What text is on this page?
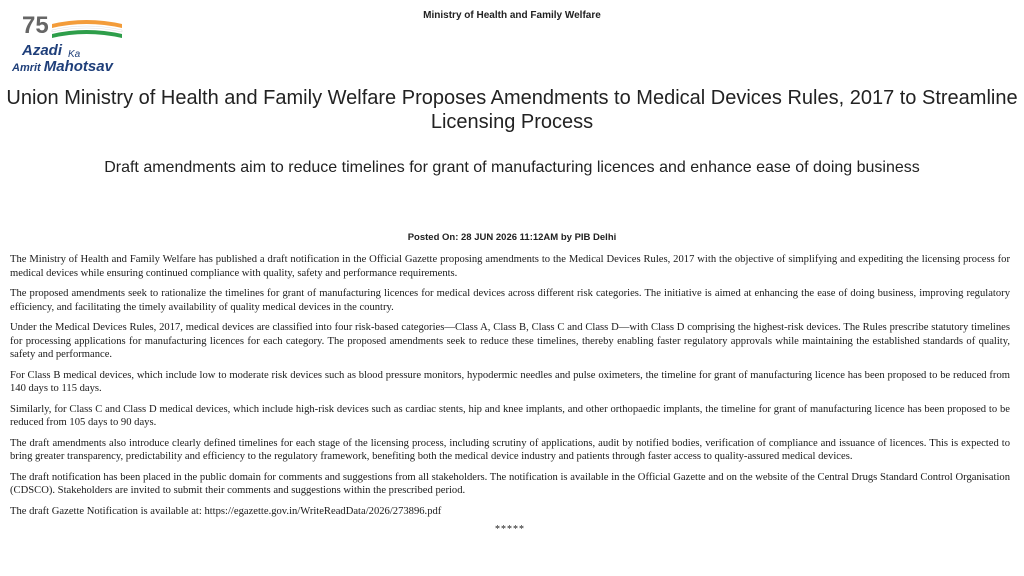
Ministry of Health and Family Welfare
75
Azadi Ka
Amrit Mahotsav
Union Ministry of Health and Family Welfare Proposes Amendments to Medical Devices Rules, 2017 to Streamline Licensing Process
Draft amendments aim to reduce timelines for grant of manufacturing licences and enhance ease of doing business
Posted On: 28 JUN 2026 11:12AM by PIB Delhi

The Ministry of Health and Family Welfare has published a draft notification in the Official Gazette proposing amendments to the Medical Devices Rules, 2017 with the objective of simplifying and expediting the licensing process for medical devices while ensuring continued compliance with quality, safety and performance requirements.

The proposed amendments seek to rationalize the timelines for grant of manufacturing licences for medical devices across different risk categories. The initiative is aimed at enhancing the ease of doing business, improving regulatory efficiency, and facilitating the timely availability of quality medical devices in the country.

Under the Medical Devices Rules, 2017, medical devices are classified into four risk-based categories—Class A, Class B, Class C and Class D—with Class D comprising the highest-risk devices. The Rules prescribe statutory timelines for processing applications for manufacturing licences for each category. The proposed amendments seek to reduce these timelines, thereby enabling faster regulatory approvals while maintaining the established standards of quality, safety and performance.

For Class B medical devices, which include low to moderate risk devices such as blood pressure monitors, hypodermic needles and pulse oximeters, the timeline for grant of manufacturing licence has been proposed to be reduced from 140 days to 115 days.

Similarly, for Class C and Class D medical devices, which include high-risk devices such as cardiac stents, hip and knee implants, and other orthopaedic implants, the timeline for grant of manufacturing licence has been proposed to be reduced from 105 days to 90 days.

The draft amendments also introduce clearly defined timelines for each stage of the licensing process, including scrutiny of applications, audit by notified bodies, verification of compliance and issuance of licences. This is expected to bring greater transparency, predictability and efficiency to the regulatory framework, benefiting both the medical device industry and patients through faster access to quality-assured medical devices.

The draft notification has been placed in the public domain for comments and suggestions from all stakeholders. The notification is available in the Official Gazette and on the website of the Central Drugs Standard Control Organisation (CDSCO). Stakeholders are invited to submit their comments and suggestions within the prescribed period.

The draft Gazette Notification is available at: https://egazette.gov.in/WriteReadData/2026/273896.pdf

*****
